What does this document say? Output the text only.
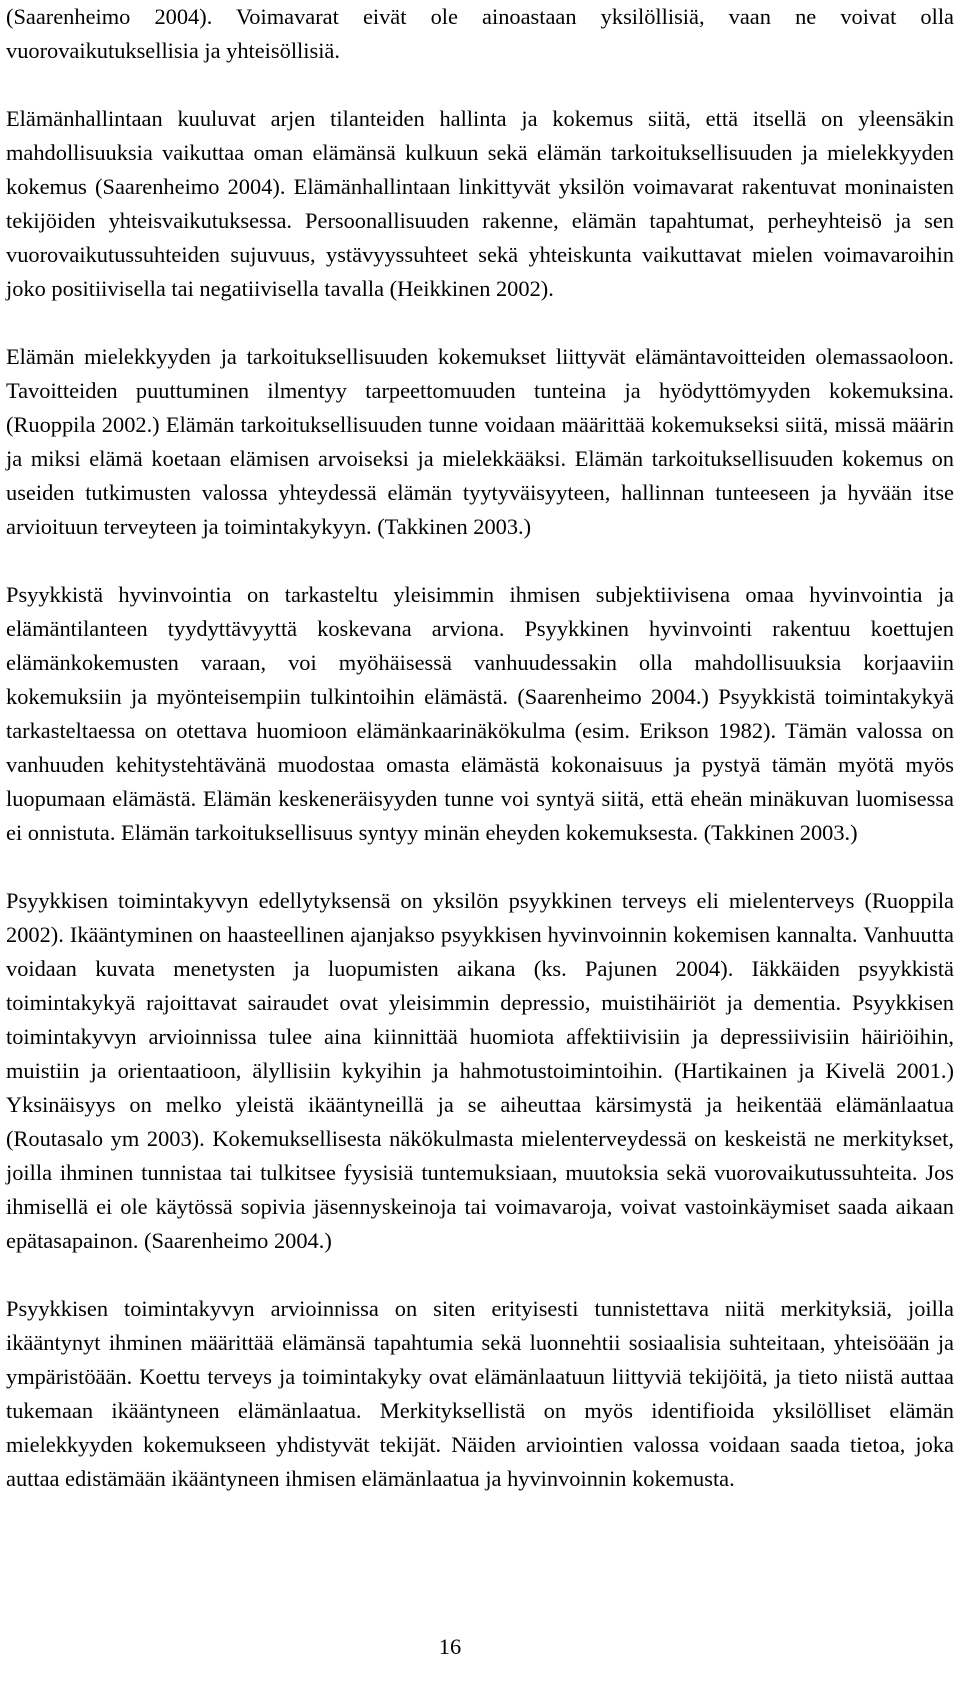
(Saarenheimo 2004). Voimavarat eivät ole ainoastaan yksilöllisiä, vaan ne voivat olla vuorovaikutuksellisia ja yhteisöllisiä.

Elämänhallintaan kuuluvat arjen tilanteiden hallinta ja kokemus siitä, että itsellä on yleensäkin mahdollisuuksia vaikuttaa oman elämänsä kulkuun sekä elämän tarkoituksellisuuden ja mielekkyyden kokemus (Saarenheimo 2004). Elämänhallintaan linkittyvät yksilön voimavarat rakentuvat moninaisten tekijöiden yhteisvaikutuksessa. Persoonallisuuden rakenne, elämän tapahtumat, perheyhteisö ja sen vuorovaikutussuhteiden sujuvuus, ystävyyssuhteet sekä yhteiskunta vaikuttavat mielen voimavaroihin joko positiivisella tai negatiivisella tavalla (Heikkinen 2002).

Elämän mielekkyyden ja tarkoituksellisuuden kokemukset liittyvät elämäntavoitteiden olemassaoloon. Tavoitteiden puuttuminen ilmentyy tarpeettomuuden tunteina ja hyödyttömyyden kokemuksina. (Ruoppila 2002.) Elämän tarkoituksellisuuden tunne voidaan määrittää kokemukseksi siitä, missä määrin ja miksi elämä koetaan elämisen arvoiseksi ja mielekkääksi. Elämän tarkoituksellisuuden kokemus on useiden tutkimusten valossa yhteydessä elämän tyytyväisyyteen, hallinnan tunteeseen ja hyvään itse arvioituun terveyteen ja toimintakykyyn. (Takkinen 2003.)

Psyykkistä hyvinvointia on tarkasteltu yleisimmin ihmisen subjektiivisena omaa hyvinvointia ja elämäntilanteen tyydyttävyyttä koskevana arviona. Psyykkinen hyvinvointi rakentuu koettujen elämänkokemusten varaan, voi myöhäisessä vanhuudessakin olla mahdollisuuksia korjaaviin kokemuksiin ja myönteisempiin tulkintoihin elämästä. (Saarenheimo 2004.) Psyykkistä toimintakykyä tarkasteltaessa on otettava huomioon elämänkaarinäkökulma (esim. Erikson 1982). Tämän valossa on vanhuuden kehitystehtävänä muodostaa omasta elämästä kokonaisuus ja pystyä tämän myötä myös luopumaan elämästä. Elämän keskeneräisyyden tunne voi syntyä siitä, että eheän minäkuvan luomisessa ei onnistuta. Elämän tarkoituksellisuus syntyy minän eheyden kokemuksesta. (Takkinen 2003.)

Psyykkisen toimintakyvyn edellytyksensä on yksilön psyykkinen terveys eli mielenterveys (Ruoppila 2002). Ikääntyminen on haasteellinen ajanjakso psyykkisen hyvinvoinnin kokemisen kannalta. Vanhuutta voidaan kuvata menetysten ja luopumisten aikana (ks. Pajunen 2004). Iäkkäiden psyykkistä toimintakykyä rajoittavat sairaudet ovat yleisimmin depressio, muistihäiriöt ja dementia. Psyykkisen toimintakyvyn arvioinnissa tulee aina kiinnittää huomiota affektiivisiin ja depressiivisiin häiriöihin, muistiin ja orientaatioon, älyllisiin kykyihin ja hahmotustoimintoihin. (Hartikainen ja Kivelä 2001.) Yksinäisyys on melko yleistä ikääntyneillä ja se aiheuttaa kärsimystä ja heikentää elämänlaatua (Routasalo ym 2003). Kokemuksellisesta näkökulmasta mielenterveydessä on keskeistä ne merkitykset, joilla ihminen tunnistaa tai tulkitsee fyysisiä tuntemuksiaan, muutoksia sekä vuorovaikutussuhteita. Jos ihmisellä ei ole käytössä sopivia jäsennyskeinoja tai voimavaroja, voivat vastoinkäymiset saada aikaan epätasapainon. (Saarenheimo 2004.)

Psyykkisen toimintakyvyn arvioinnissa on siten erityisesti tunnistettava niitä merkityksiä, joilla ikääntynyt ihminen määrittää elämänsä tapahtumia sekä luonnehtii sosiaalisia suhteitaan, yhteisöään ja ympäristöään. Koettu terveys ja toimintakyky ovat elämänlaatuun liittyviä tekijöitä, ja tieto niistä auttaa tukemaan ikääntyneen elämänlaatua. Merkityksellistä on myös identifioida yksilölliset elämän mielekkyyden kokemukseen yhdistyvät tekijät. Näiden arviointien valossa voidaan saada tietoa, joka auttaa edistämään ikääntyneen ihmisen elämänlaatua ja hyvinvoinnin kokemusta.

16
